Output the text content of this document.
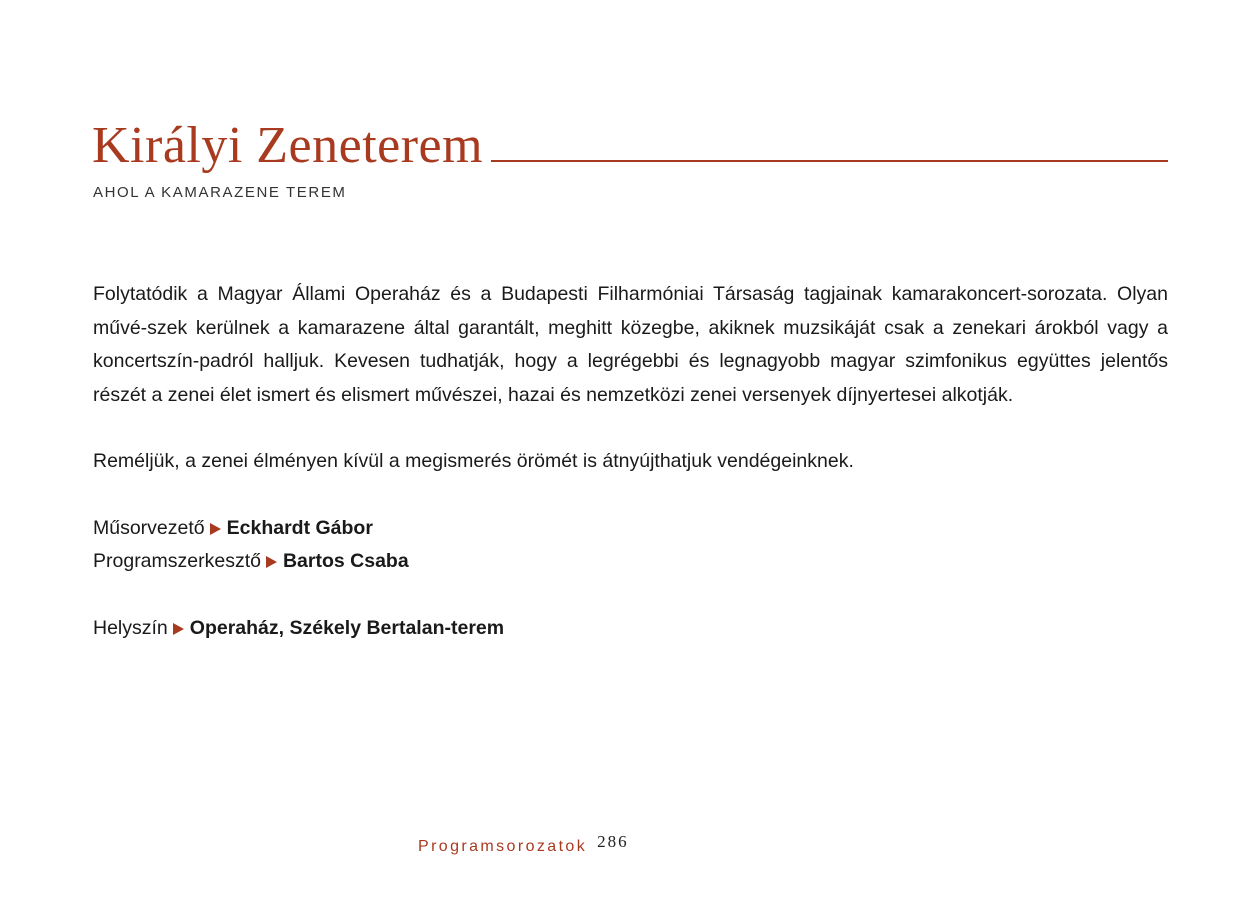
Királyi Zeneterem
AHOL A KAMARAZENE TEREM

Folytatódik a Magyar Állami Operaház és a Budapesti Filharmóniai Társaság tagjainak kamarakoncert-sorozata. Olyan művé-szek kerülnek a kamarazene által garantált, meghitt közegbe, akiknek muzsikáját csak a zenekari árokból vagy a koncertszín-padról halljuk. Kevesen tudhatják, hogy a legrégebbi és legnagyobb magyar szimfonikus együttes jelentős részét a zenei élet ismert és elismert művészei, hazai és nemzetközi zenei versenyek díjnyertesei alkotják.

Reméljük, a zenei élményen kívül a megismerés örömét is átnyújthatjuk vendégeinknek.

Műsorvezető Eckhardt Gábor
Programszerkesztő Bartos Csaba
Helyszín Operaház, Székely Bertalan-terem
Programsorozatok 286
